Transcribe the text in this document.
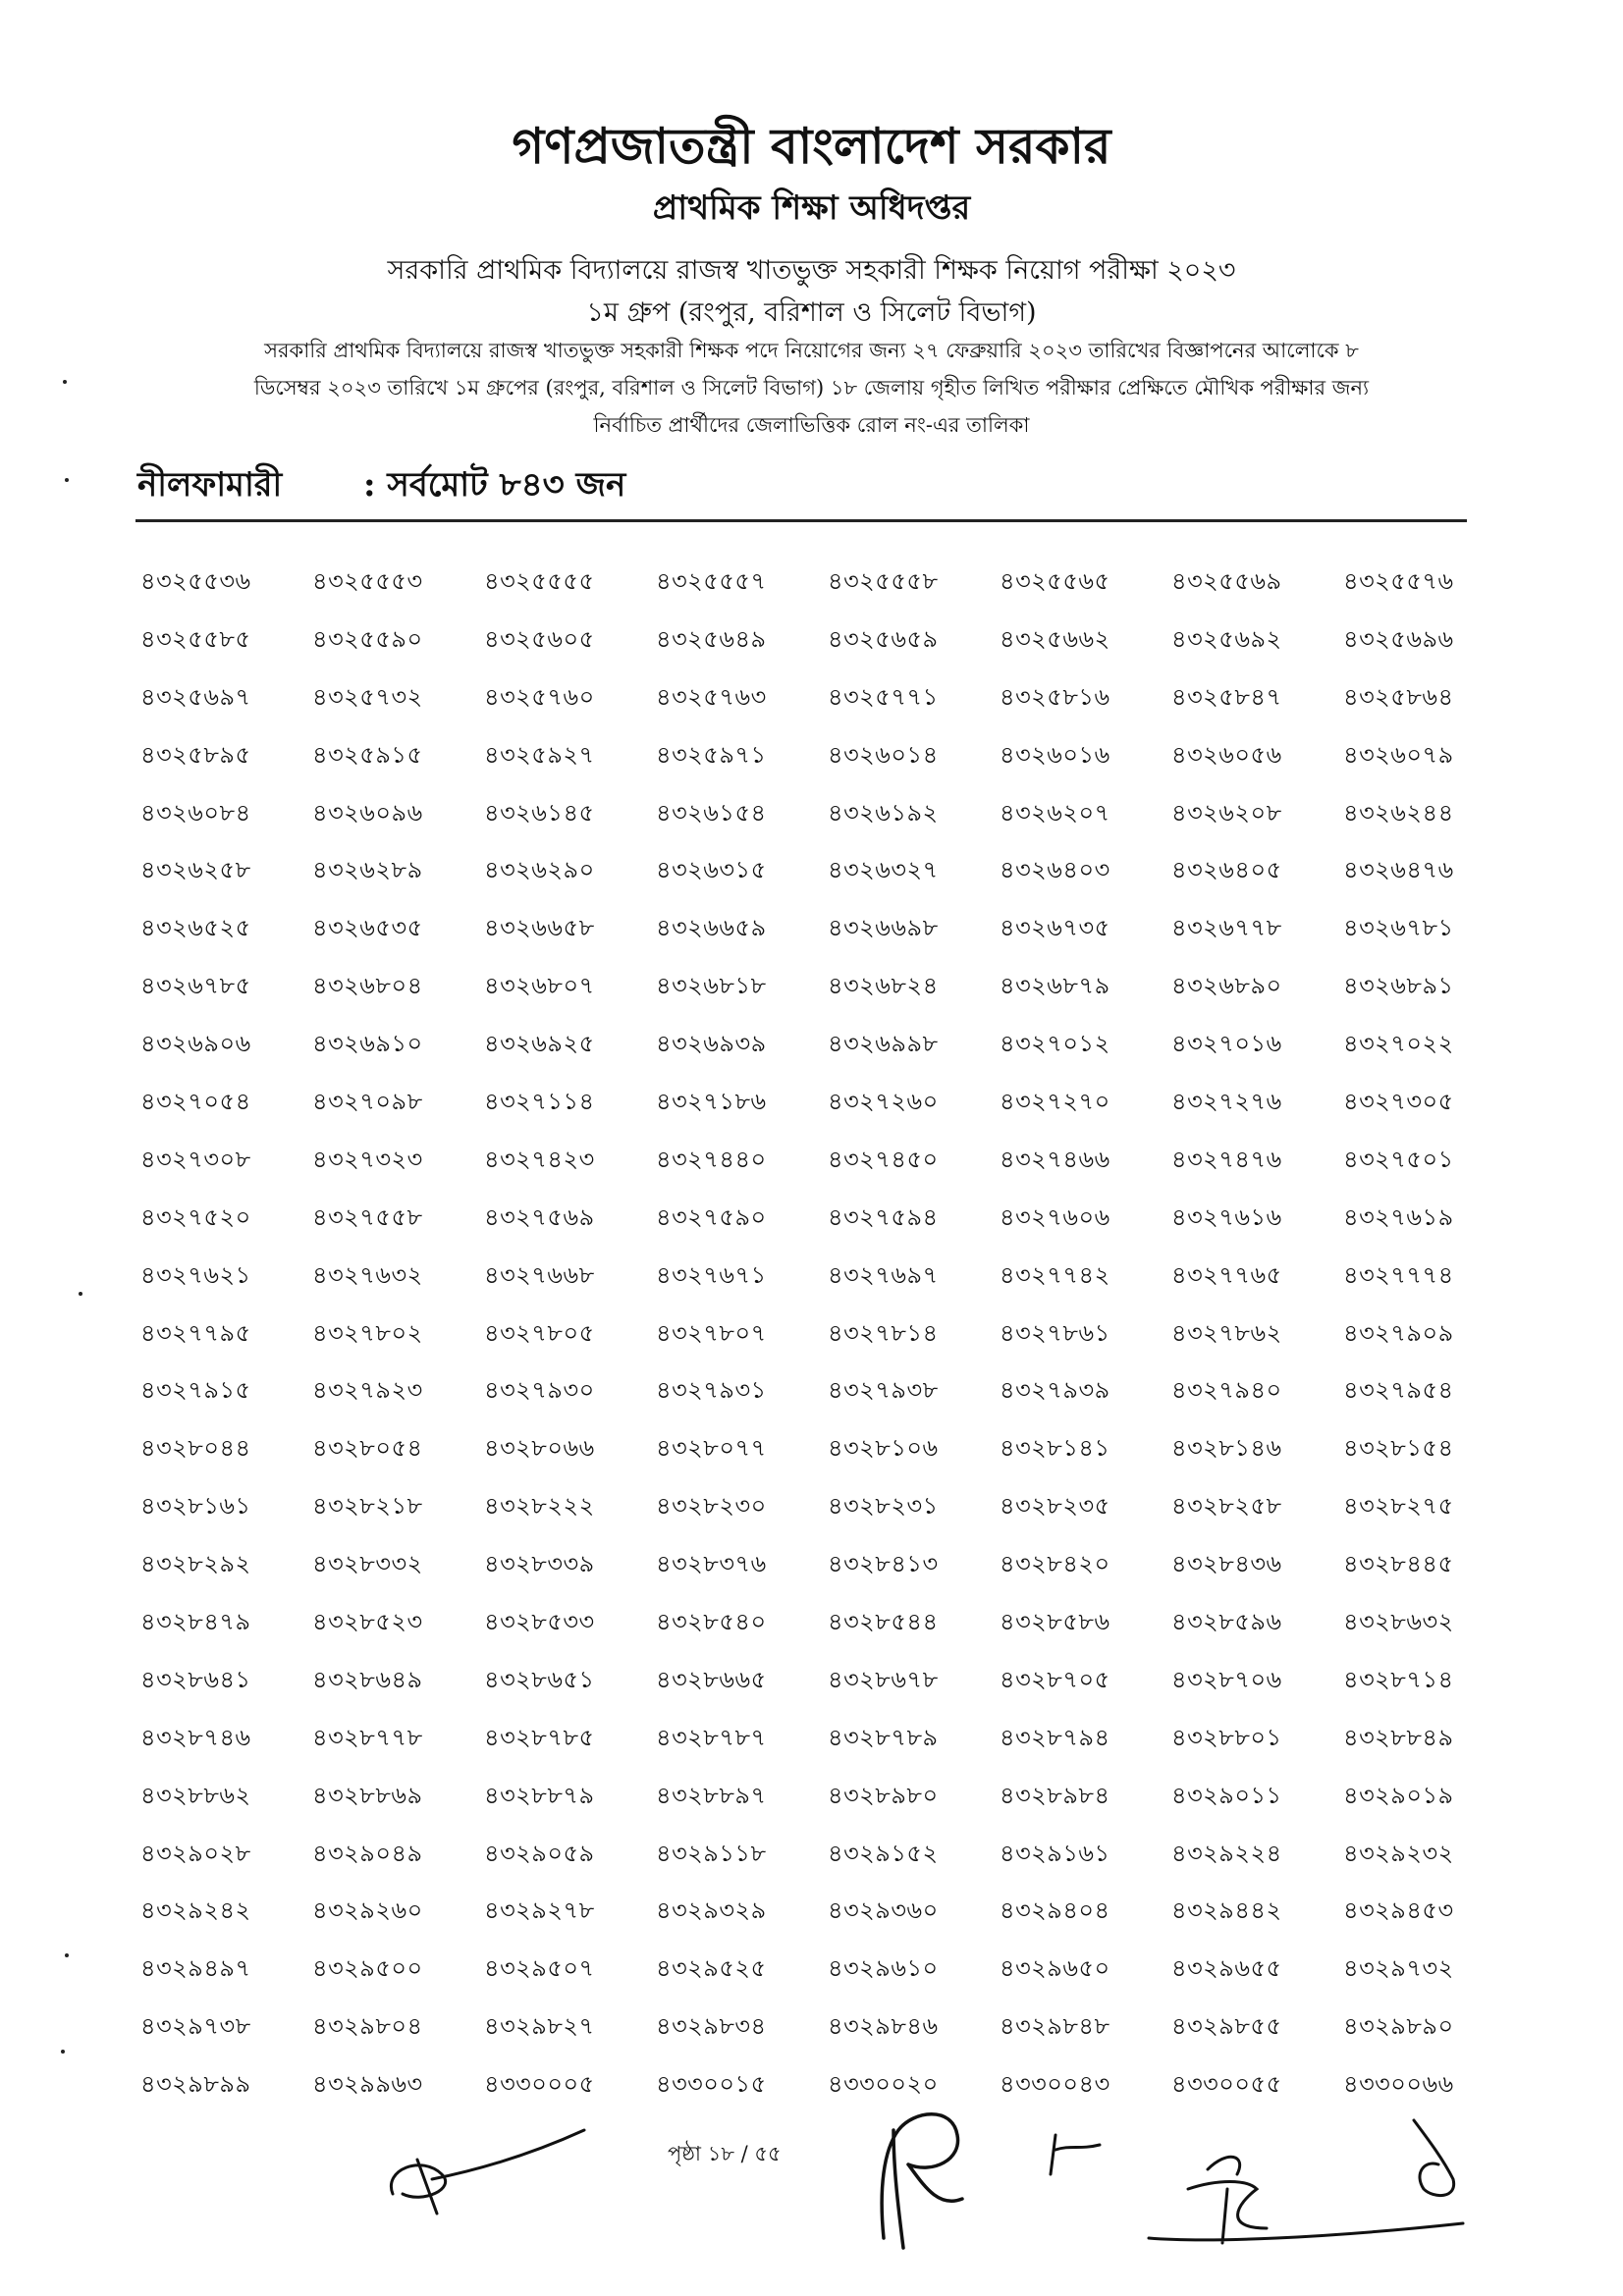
গণপ্রজাতন্ত্রী বাংলাদেশ সরকার
প্রাথমিক শিক্ষা অধিদপ্তর
সরকারি প্রাথমিক বিদ্যালয়ে রাজস্ব খাতভুক্ত সহকারী শিক্ষক নিয়োগ পরীক্ষা ২০২৩
১ম গ্রুপ (রংপুর, বরিশাল ও সিলেট বিভাগ)
সরকারি প্রাথমিক বিদ্যালয়ে রাজস্ব খাতভুক্ত সহকারী শিক্ষক পদে নিয়োগের জন্য ২৭ ফেব্রুয়ারি ২০২৩ তারিখের বিজ্ঞাপনের আলোকে ৮
ডিসেম্বর ২০২৩ তারিখে ১ম গ্রুপের (রংপুর, বরিশাল ও সিলেট বিভাগ) ১৮ জেলায় গৃহীত লিখিত পরীক্ষার প্রেক্ষিতে মৌখিক পরীক্ষার জন্য
নির্বাচিত প্রার্থীদের জেলাভিত্তিক রোল নং-এর তালিকা
নীলফামারী : সর্বমোট ৮৪৩ জন
৪৩২৫৫৩৬	৪৩২৫৫৫৩	৪৩২৫৫৫৫	৪৩২৫৫৫৭	৪৩২৫৫৫৮	৪৩২৫৫৬৫	৪৩২৫৫৬৯	৪৩২৫৫৭৬
৪৩২৫৫৮৫	৪৩২৫৫৯০	৪৩২৫৬০৫	৪৩২৫৬৪৯	৪৩২৫৬৫৯	৪৩২৫৬৬২	৪৩২৫৬৯২	৪৩২৫৬৯৬
৪৩২৫৬৯৭	৪৩২৫৭৩২	৪৩২৫৭৬০	৪৩২৫৭৬৩	৪৩২৫৭৭১	৪৩২৫৮১৬	৪৩২৫৮৪৭	৪৩২৫৮৬৪
৪৩২৫৮৯৫	৪৩২৫৯১৫	৪৩২৫৯২৭	৪৩২৫৯৭১	৪৩২৬০১৪	৪৩২৬০১৬	৪৩২৬০৫৬	৪৩২৬০৭৯
৪৩২৬০৮৪	৪৩২৬০৯৬	৪৩২৬১৪৫	৪৩২৬১৫৪	৪৩২৬১৯২	৪৩২৬২০৭	৪৩২৬২০৮	৪৩২৬২৪৪
৪৩২৬২৫৮	৪৩২৬২৮৯	৪৩২৬২৯০	৪৩২৬৩১৫	৪৩২৬৩২৭	৪৩২৬৪০৩	৪৩২৬৪০৫	৪৩২৬৪৭৬
৪৩২৬৫২৫	৪৩২৬৫৩৫	৪৩২৬৬৫৮	৪৩২৬৬৫৯	৪৩২৬৬৯৮	৪৩২৬৭৩৫	৪৩২৬৭৭৮	৪৩২৬৭৮১
৪৩২৬৭৮৫	৪৩২৬৮০৪	৪৩২৬৮০৭	৪৩২৬৮১৮	৪৩২৬৮২৪	৪৩২৬৮৭৯	৪৩২৬৮৯০	৪৩২৬৮৯১
৪৩২৬৯০৬	৪৩২৬৯১০	৪৩২৬৯২৫	৪৩২৬৯৩৯	৪৩২৬৯৯৮	৪৩২৭০১২	৪৩২৭০১৬	৪৩২৭০২২
৪৩২৭০৫৪	৪৩২৭০৯৮	৪৩২৭১১৪	৪৩২৭১৮৬	৪৩২৭২৬০	৪৩২৭২৭০	৪৩২৭২৭৬	৪৩২৭৩০৫
৪৩২৭৩০৮	৪৩২৭৩২৩	৪৩২৭৪২৩	৪৩২৭৪৪০	৪৩২৭৪৫০	৪৩২৭৪৬৬	৪৩২৭৪৭৬	৪৩২৭৫০১
৪৩২৭৫২০	৪৩২৭৫৫৮	৪৩২৭৫৬৯	৪৩২৭৫৯০	৪৩২৭৫৯৪	৪৩২৭৬০৬	৪৩২৭৬১৬	৪৩২৭৬১৯
৪৩২৭৬২১	৪৩২৭৬৩২	৪৩২৭৬৬৮	৪৩২৭৬৭১	৪৩২৭৬৯৭	৪৩২৭৭৪২	৪৩২৭৭৬৫	৪৩২৭৭৭৪
৪৩২৭৭৯৫	৪৩২৭৮০২	৪৩২৭৮০৫	৪৩২৭৮০৭	৪৩২৭৮১৪	৪৩২৭৮৬১	৪৩২৭৮৬২	৪৩২৭৯০৯
৪৩২৭৯১৫	৪৩২৭৯২৩	৪৩২৭৯৩০	৪৩২৭৯৩১	৪৩২৭৯৩৮	৪৩২৭৯৩৯	৪৩২৭৯৪০	৪৩২৭৯৫৪
৪৩২৮০৪৪	৪৩২৮০৫৪	৪৩২৮০৬৬	৪৩২৮০৭৭	৪৩২৮১০৬	৪৩২৮১৪১	৪৩২৮১৪৬	৪৩২৮১৫৪
৪৩২৮১৬১	৪৩২৮২১৮	৪৩২৮২২২	৪৩২৮২৩০	৪৩২৮২৩১	৪৩২৮২৩৫	৪৩২৮২৫৮	৪৩২৮২৭৫
৪৩২৮২৯২	৪৩২৮৩৩২	৪৩২৮৩৩৯	৪৩২৮৩৭৬	৪৩২৮৪১৩	৪৩২৮৪২০	৪৩২৮৪৩৬	৪৩২৮৪৪৫
৪৩২৮৪৭৯	৪৩২৮৫২৩	৪৩২৮৫৩৩	৪৩২৮৫৪০	৪৩২৮৫৪৪	৪৩২৮৫৮৬	৪৩২৮৫৯৬	৪৩২৮৬৩২
৪৩২৮৬৪১	৪৩২৮৬৪৯	৪৩২৮৬৫১	৪৩২৮৬৬৫	৪৩২৮৬৭৮	৪৩২৮৭০৫	৪৩২৮৭০৬	৪৩২৮৭১৪
৪৩২৮৭৪৬	৪৩২৮৭৭৮	৪৩২৮৭৮৫	৪৩২৮৭৮৭	৪৩২৮৭৮৯	৪৩২৮৭৯৪	৪৩২৮৮০১	৪৩২৮৮৪৯
৪৩২৮৮৬২	৪৩২৮৮৬৯	৪৩২৮৮৭৯	৪৩২৮৮৯৭	৪৩২৮৯৮০	৪৩২৮৯৮৪	৪৩২৯০১১	৪৩২৯০১৯
৪৩২৯০২৮	৪৩২৯০৪৯	৪৩২৯০৫৯	৪৩২৯১১৮	৪৩২৯১৫২	৪৩২৯১৬১	৪৩২৯২২৪	৪৩২৯২৩২
৪৩২৯২৪২	৪৩২৯২৬০	৪৩২৯২৭৮	৪৩২৯৩২৯	৪৩২৯৩৬০	৪৩২৯৪০৪	৪৩২৯৪৪২	৪৩২৯৪৫৩
৪৩২৯৪৯৭	৪৩২৯৫০০	৪৩২৯৫০৭	৪৩২৯৫২৫	৪৩২৯৬১০	৪৩২৯৬৫০	৪৩২৯৬৫৫	৪৩২৯৭৩২
৪৩২৯৭৩৮	৪৩২৯৮০৪	৪৩২৯৮২৭	৪৩২৯৮৩৪	৪৩২৯৮৪৬	৪৩২৯৮৪৮	৪৩২৯৮৫৫	৪৩২৯৮৯০
৪৩২৯৮৯৯	৪৩২৯৯৬৩	৪৩৩০০০৫	৪৩৩০০১৫	৪৩৩০০২০	৪৩৩০০৪৩	৪৩৩০০৫৫	৪৩৩০০৬৬
পৃষ্ঠা ১৮ / ৫৫
